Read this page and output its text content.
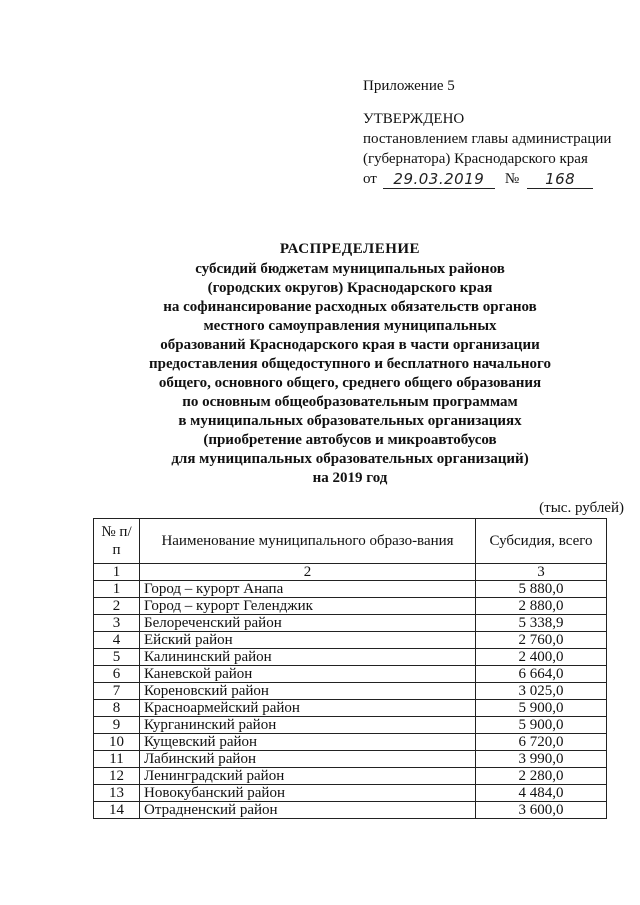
Приложение 5
УТВЕРЖДЕНО
постановлением главы администрации
(губернатора) Краснодарского края
от	29.03.2019	№	168
РАСПРЕДЕЛЕНИЕ
субсидий бюджетам муниципальных районов
(городских округов) Краснодарского края
на софинансирование расходных обязательств органов
местного самоуправления муниципальных
образований Краснодарского края в части организации
предоставления общедоступного и бесплатного начального
общего, основного общего, среднего общего образования
по основным общеобразовательным программам
в муниципальных образовательных организациях
(приобретение автобусов и микроавтобусов
для муниципальных образовательных организаций)
на 2019 год
(тыс. рублей)
№ п/п	Наименование муниципального образо-вания	Субсидия, всего
1	2	3
1	Город – курорт Анапа	5 880,0
2	Город – курорт Геленджик	2 880,0
3	Белореченский район	5 338,9
4	Ейский район	2 760,0
5	Калининский район	2 400,0
6	Каневской район	6 664,0
7	Кореновский район	3 025,0
8	Красноармейский район	5 900,0
9	Курганинский район	5 900,0
10	Кущевский район	6 720,0
11	Лабинский район	3 990,0
12	Ленинградский район	2 280,0
13	Новокубанский район	4 484,0
14	Отрадненский район	3 600,0
